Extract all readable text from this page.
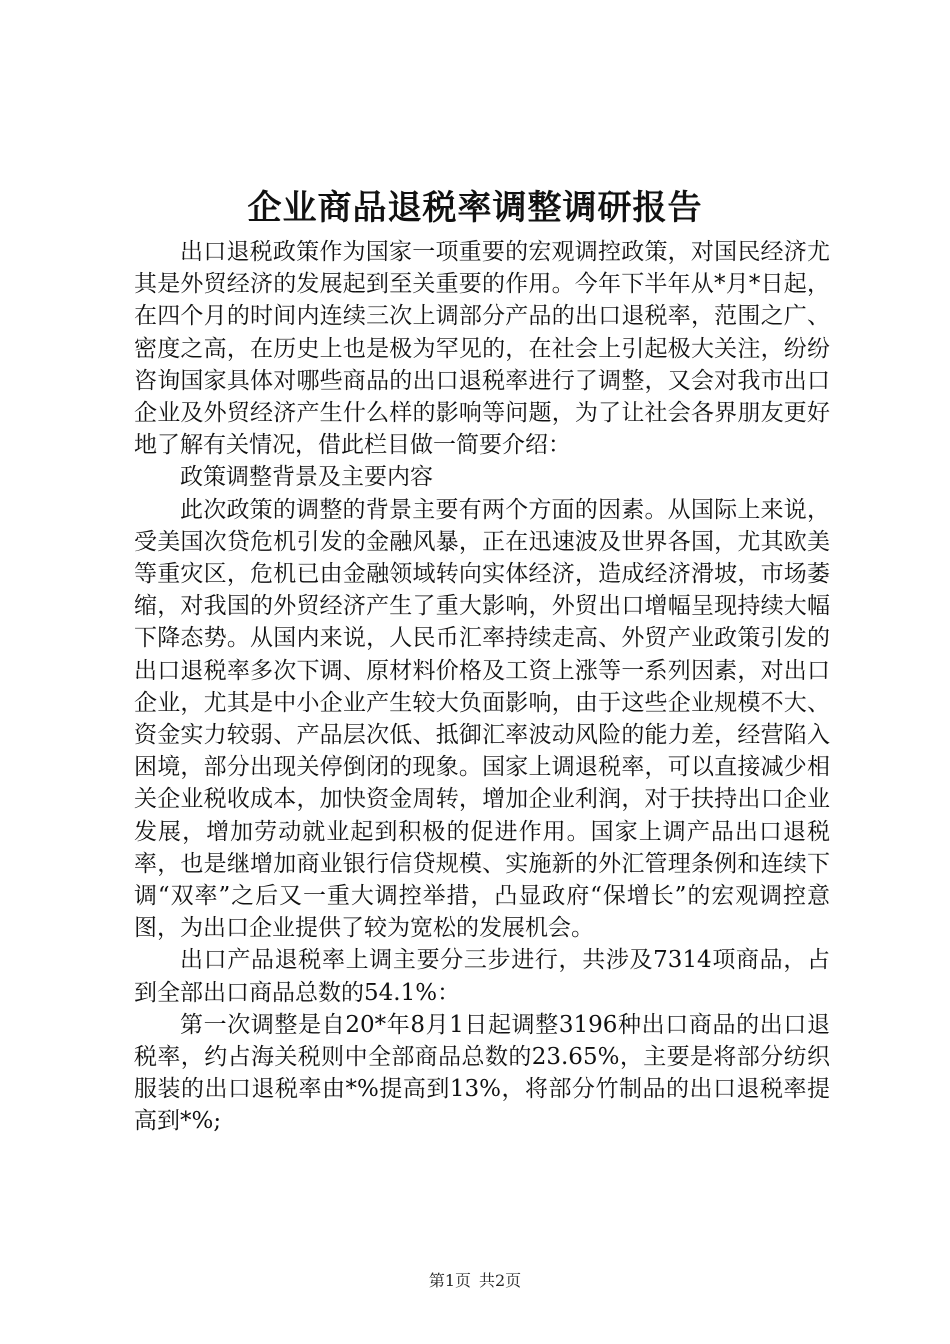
企业商品退税率调整调研报告

出口退税政策作为国家一项重要的宏观调控政策，对国民经济尤其是外贸经济的发展起到至关重要的作用。今年下半年从*月*日起，在四个月的时间内连续三次上调部分产品的出口退税率，范围之广、密度之高，在历史上也是极为罕见的，在社会上引起极大关注，纷纷咨询国家具体对哪些商品的出口退税率进行了调整，又会对我市出口企业及外贸经济产生什么样的影响等问题，为了让社会各界朋友更好地了解有关情况，借此栏目做一简要介绍：

政策调整背景及主要内容

此次政策的调整的背景主要有两个方面的因素。从国际上来说，受美国次贷危机引发的金融风暴，正在迅速波及世界各国，尤其欧美等重灾区，危机已由金融领域转向实体经济，造成经济滑坡，市场萎缩，对我国的外贸经济产生了重大影响，外贸出口增幅呈现持续大幅下降态势。从国内来说，人民币汇率持续走高、外贸产业政策引发的出口退税率多次下调、原材料价格及工资上涨等一系列因素，对出口企业，尤其是中小企业产生较大负面影响，由于这些企业规模不大、资金实力较弱、产品层次低、抵御汇率波动风险的能力差，经营陷入困境，部分出现关停倒闭的现象。国家上调退税率，可以直接减少相关企业税收成本，加快资金周转，增加企业利润，对于扶持出口企业发展，增加劳动就业起到积极的促进作用。国家上调产品出口退税率，也是继增加商业银行信贷规模、实施新的外汇管理条例和连续下调“双率”之后又一重大调控举措，凸显政府“保增长”的宏观调控意图，为出口企业提供了较为宽松的发展机会。

出口产品退税率上调主要分三步进行，共涉及7314项商品，占到全部出口商品总数的54.1%：

第一次调整是自20*年8月1日起调整3196种出口商品的出口退税率，约占海关税则中全部商品总数的23.65%，主要是将部分纺织服装的出口退税率由*%提高到13%，将部分竹制品的出口退税率提高到*%;

第1页 共2页
